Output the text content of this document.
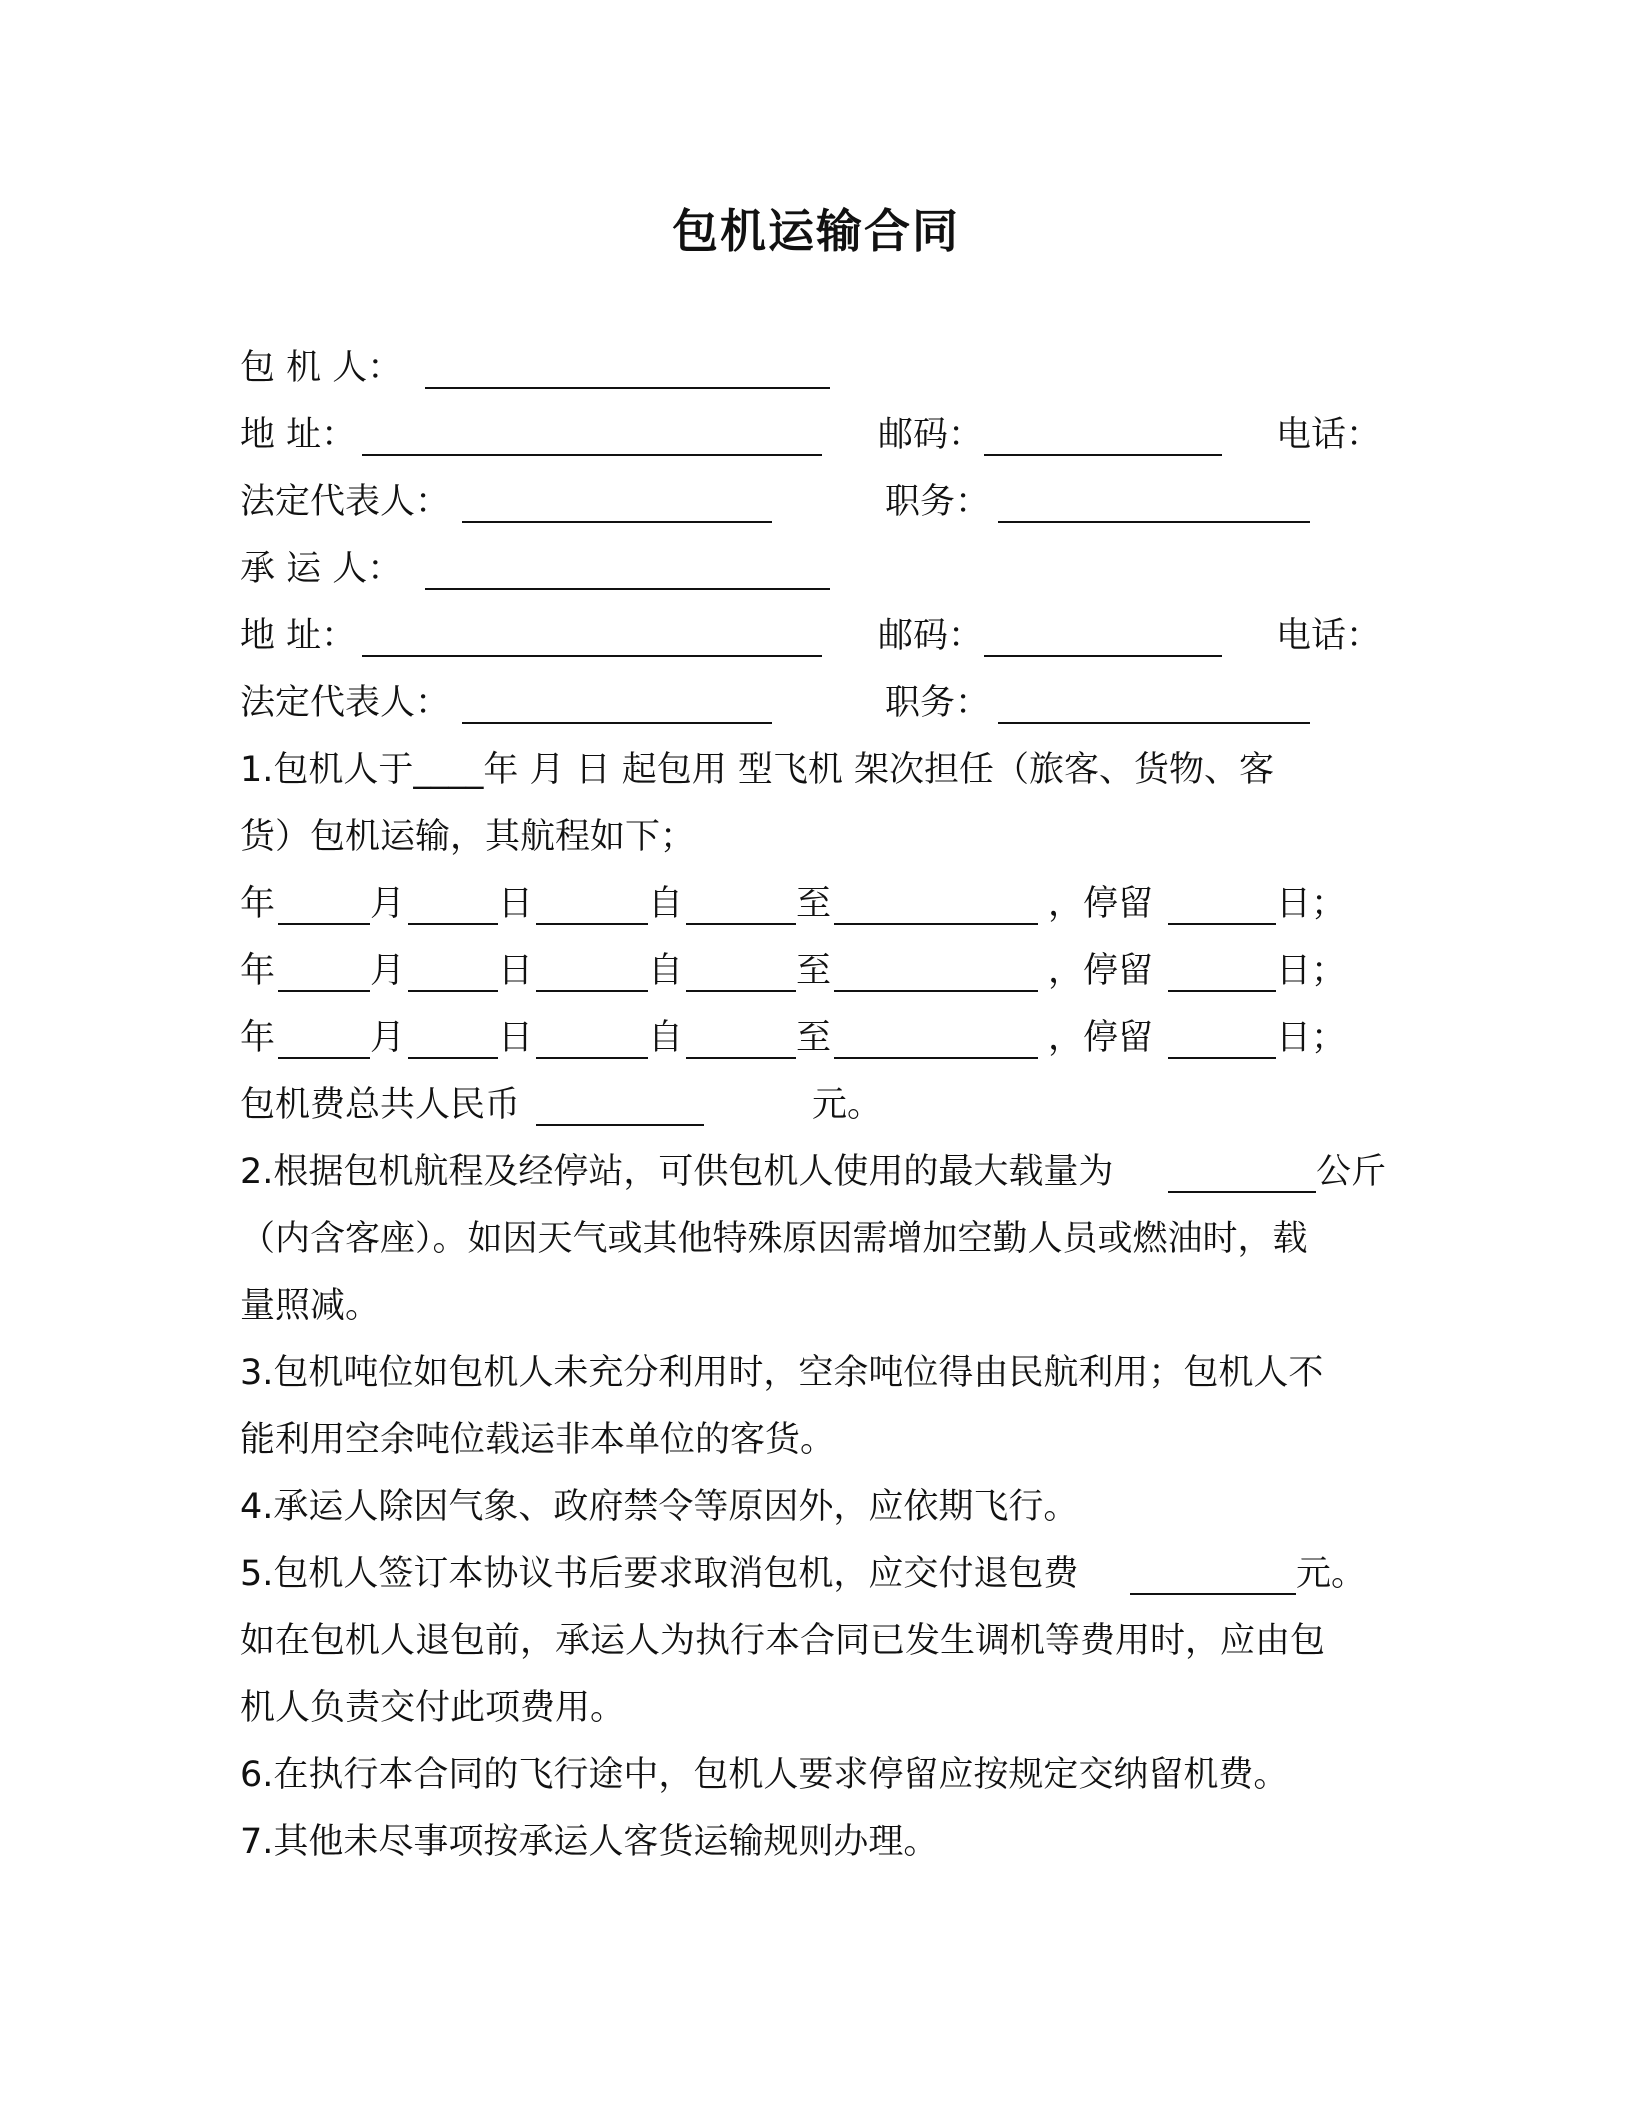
包机运输合同
包 机 人：
地 址：	邮码：	电话：
法定代表人：	职务：
承 运 人：
地 址：	邮码：	电话：
法定代表人：	职务：
1.包机人于____年 月 日 起包用 型飞机 架次担任（旅客、货物、客
货）包机运输，其航程如下；
年	月	日	自	至	，停留	日；
年	月	日	自	至	，停留	日；
年	月	日	自	至	，停留	日；
包机费总共人民币	元。
2.根据包机航程及经停站，可供包机人使用的最大载量为	公斤
（内含客座）。如因天气或其他特殊原因需增加空勤人员或燃油时，载
量照减。
3.包机吨位如包机人未充分利用时，空余吨位得由民航利用；包机人不
能利用空余吨位载运非本单位的客货。
4.承运人除因气象、政府禁令等原因外，应依期飞行。
5.包机人签订本协议书后要求取消包机，应交付退包费	元。
如在包机人退包前，承运人为执行本合同已发生调机等费用时，应由包
机人负责交付此项费用。
6.在执行本合同的飞行途中，包机人要求停留应按规定交纳留机费。
7.其他未尽事项按承运人客货运输规则办理。
